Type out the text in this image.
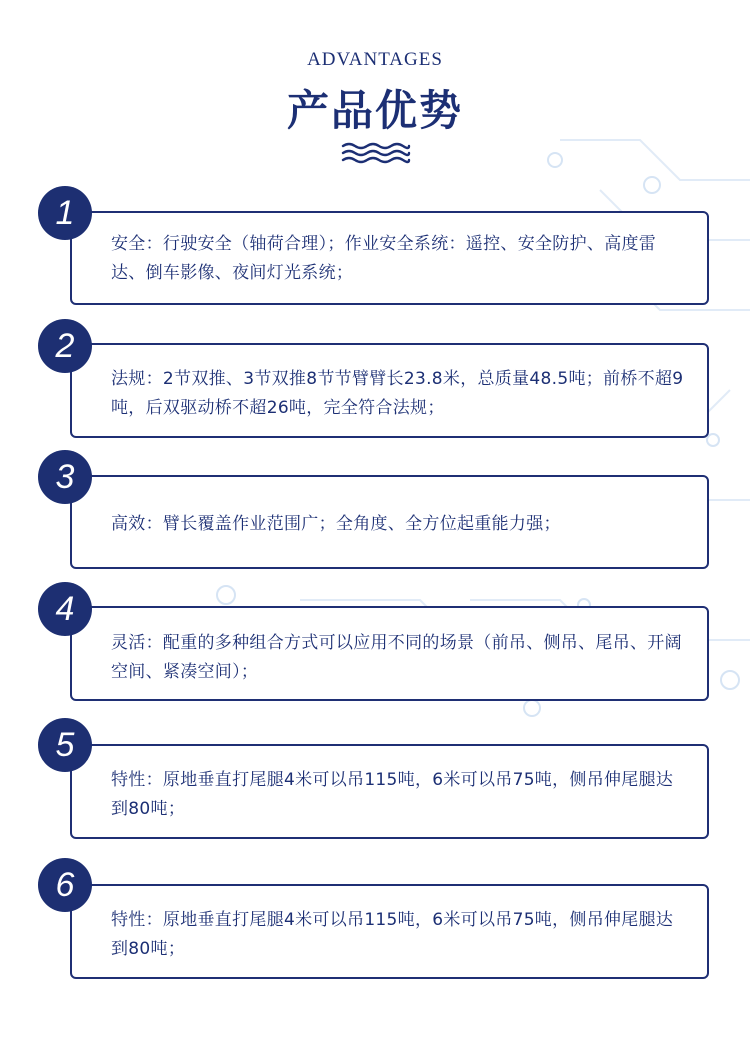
ADVANTAGES
产品优势
1
安全：行驶安全（轴荷合理）；作业安全系统：遥控、安全防护、高度雷达、倒车影像、夜间灯光系统；
2
法规：2节双推、3节双推8节节臂臂长23.8米，总质量48.5吨；前桥不超9吨，后双驱动桥不超26吨，完全符合法规；
3
高效：臂长覆盖作业范围广；全角度、全方位起重能力强；
4
灵活：配重的多种组合方式可以应用不同的场景（前吊、侧吊、尾吊、开阔空间、紧凑空间）；
5
特性：原地垂直打尾腿4米可以吊115吨，6米可以吊75吨，侧吊伸尾腿达到80吨；
6
特性：原地垂直打尾腿4米可以吊115吨，6米可以吊75吨，侧吊伸尾腿达到80吨；
